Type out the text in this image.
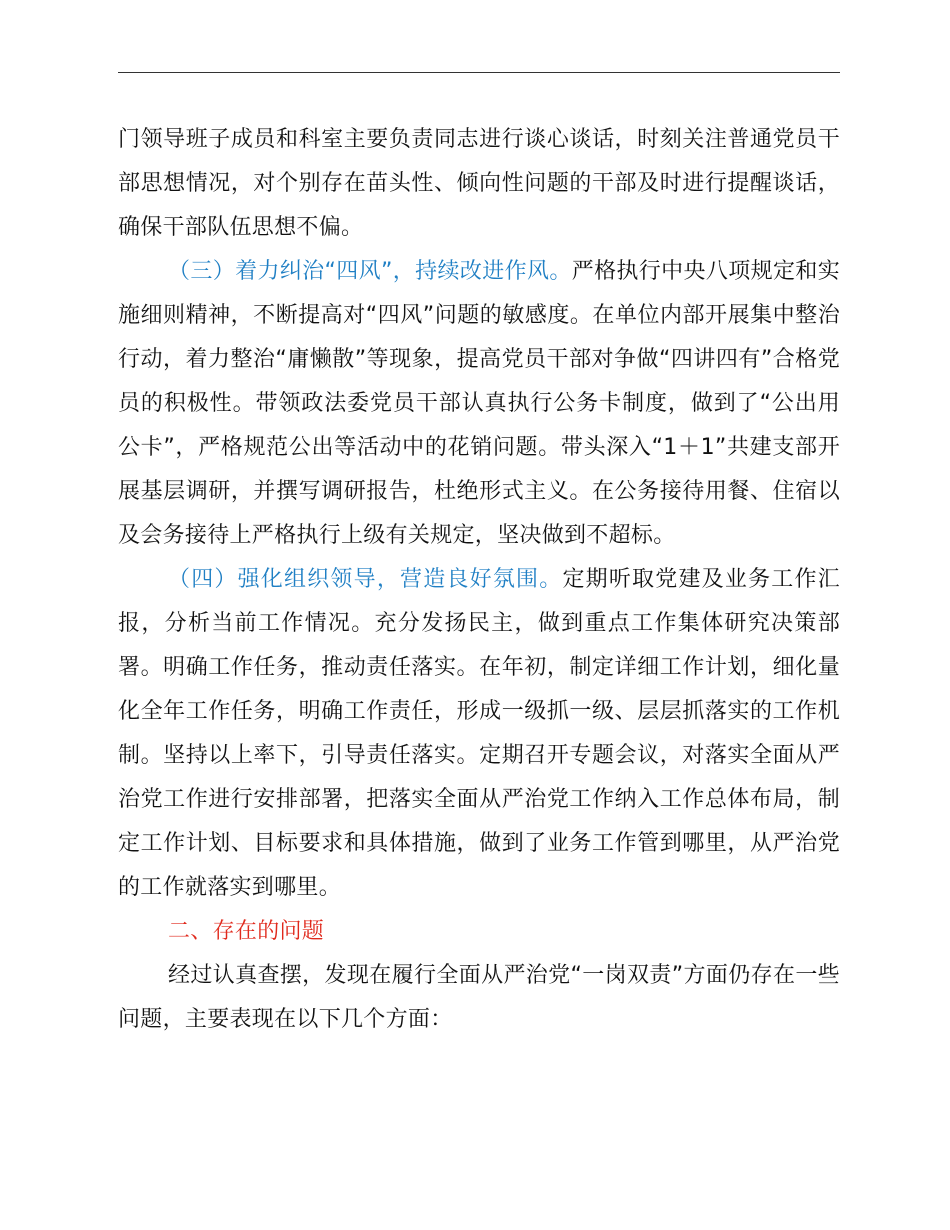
门领导班子成员和科室主要负责同志进行谈心谈话，时刻关注普通党员干部思想情况，对个别存在苗头性、倾向性问题的干部及时进行提醒谈话，确保干部队伍思想不偏。

（三）着力纠治“四风”，持续改进作风。严格执行中央八项规定和实施细则精神，不断提高对“四风”问题的敏感度。在单位内部开展集中整治行动，着力整治“庸懒散”等现象，提高党员干部对争做“四讲四有”合格党员的积极性。带领政法委党员干部认真执行公务卡制度，做到了“公出用公卡”，严格规范公出等活动中的花销问题。带头深入“1＋1”共建支部开展基层调研，并撰写调研报告，杜绝形式主义。在公务接待用餐、住宿以及会务接待上严格执行上级有关规定，坚决做到不超标。

（四）强化组织领导，营造良好氛围。定期听取党建及业务工作汇报，分析当前工作情况。充分发扬民主，做到重点工作集体研究决策部署。明确工作任务，推动责任落实。在年初，制定详细工作计划，细化量化全年工作任务，明确工作责任，形成一级抓一级、层层抓落实的工作机制。坚持以上率下，引导责任落实。定期召开专题会议，对落实全面从严治党工作进行安排部署，把落实全面从严治党工作纳入工作总体布局，制定工作计划、目标要求和具体措施，做到了业务工作管到哪里，从严治党的工作就落实到哪里。

二、存在的问题

经过认真查摆，发现在履行全面从严治党“一岗双责”方面仍存在一些问题，主要表现在以下几个方面：
